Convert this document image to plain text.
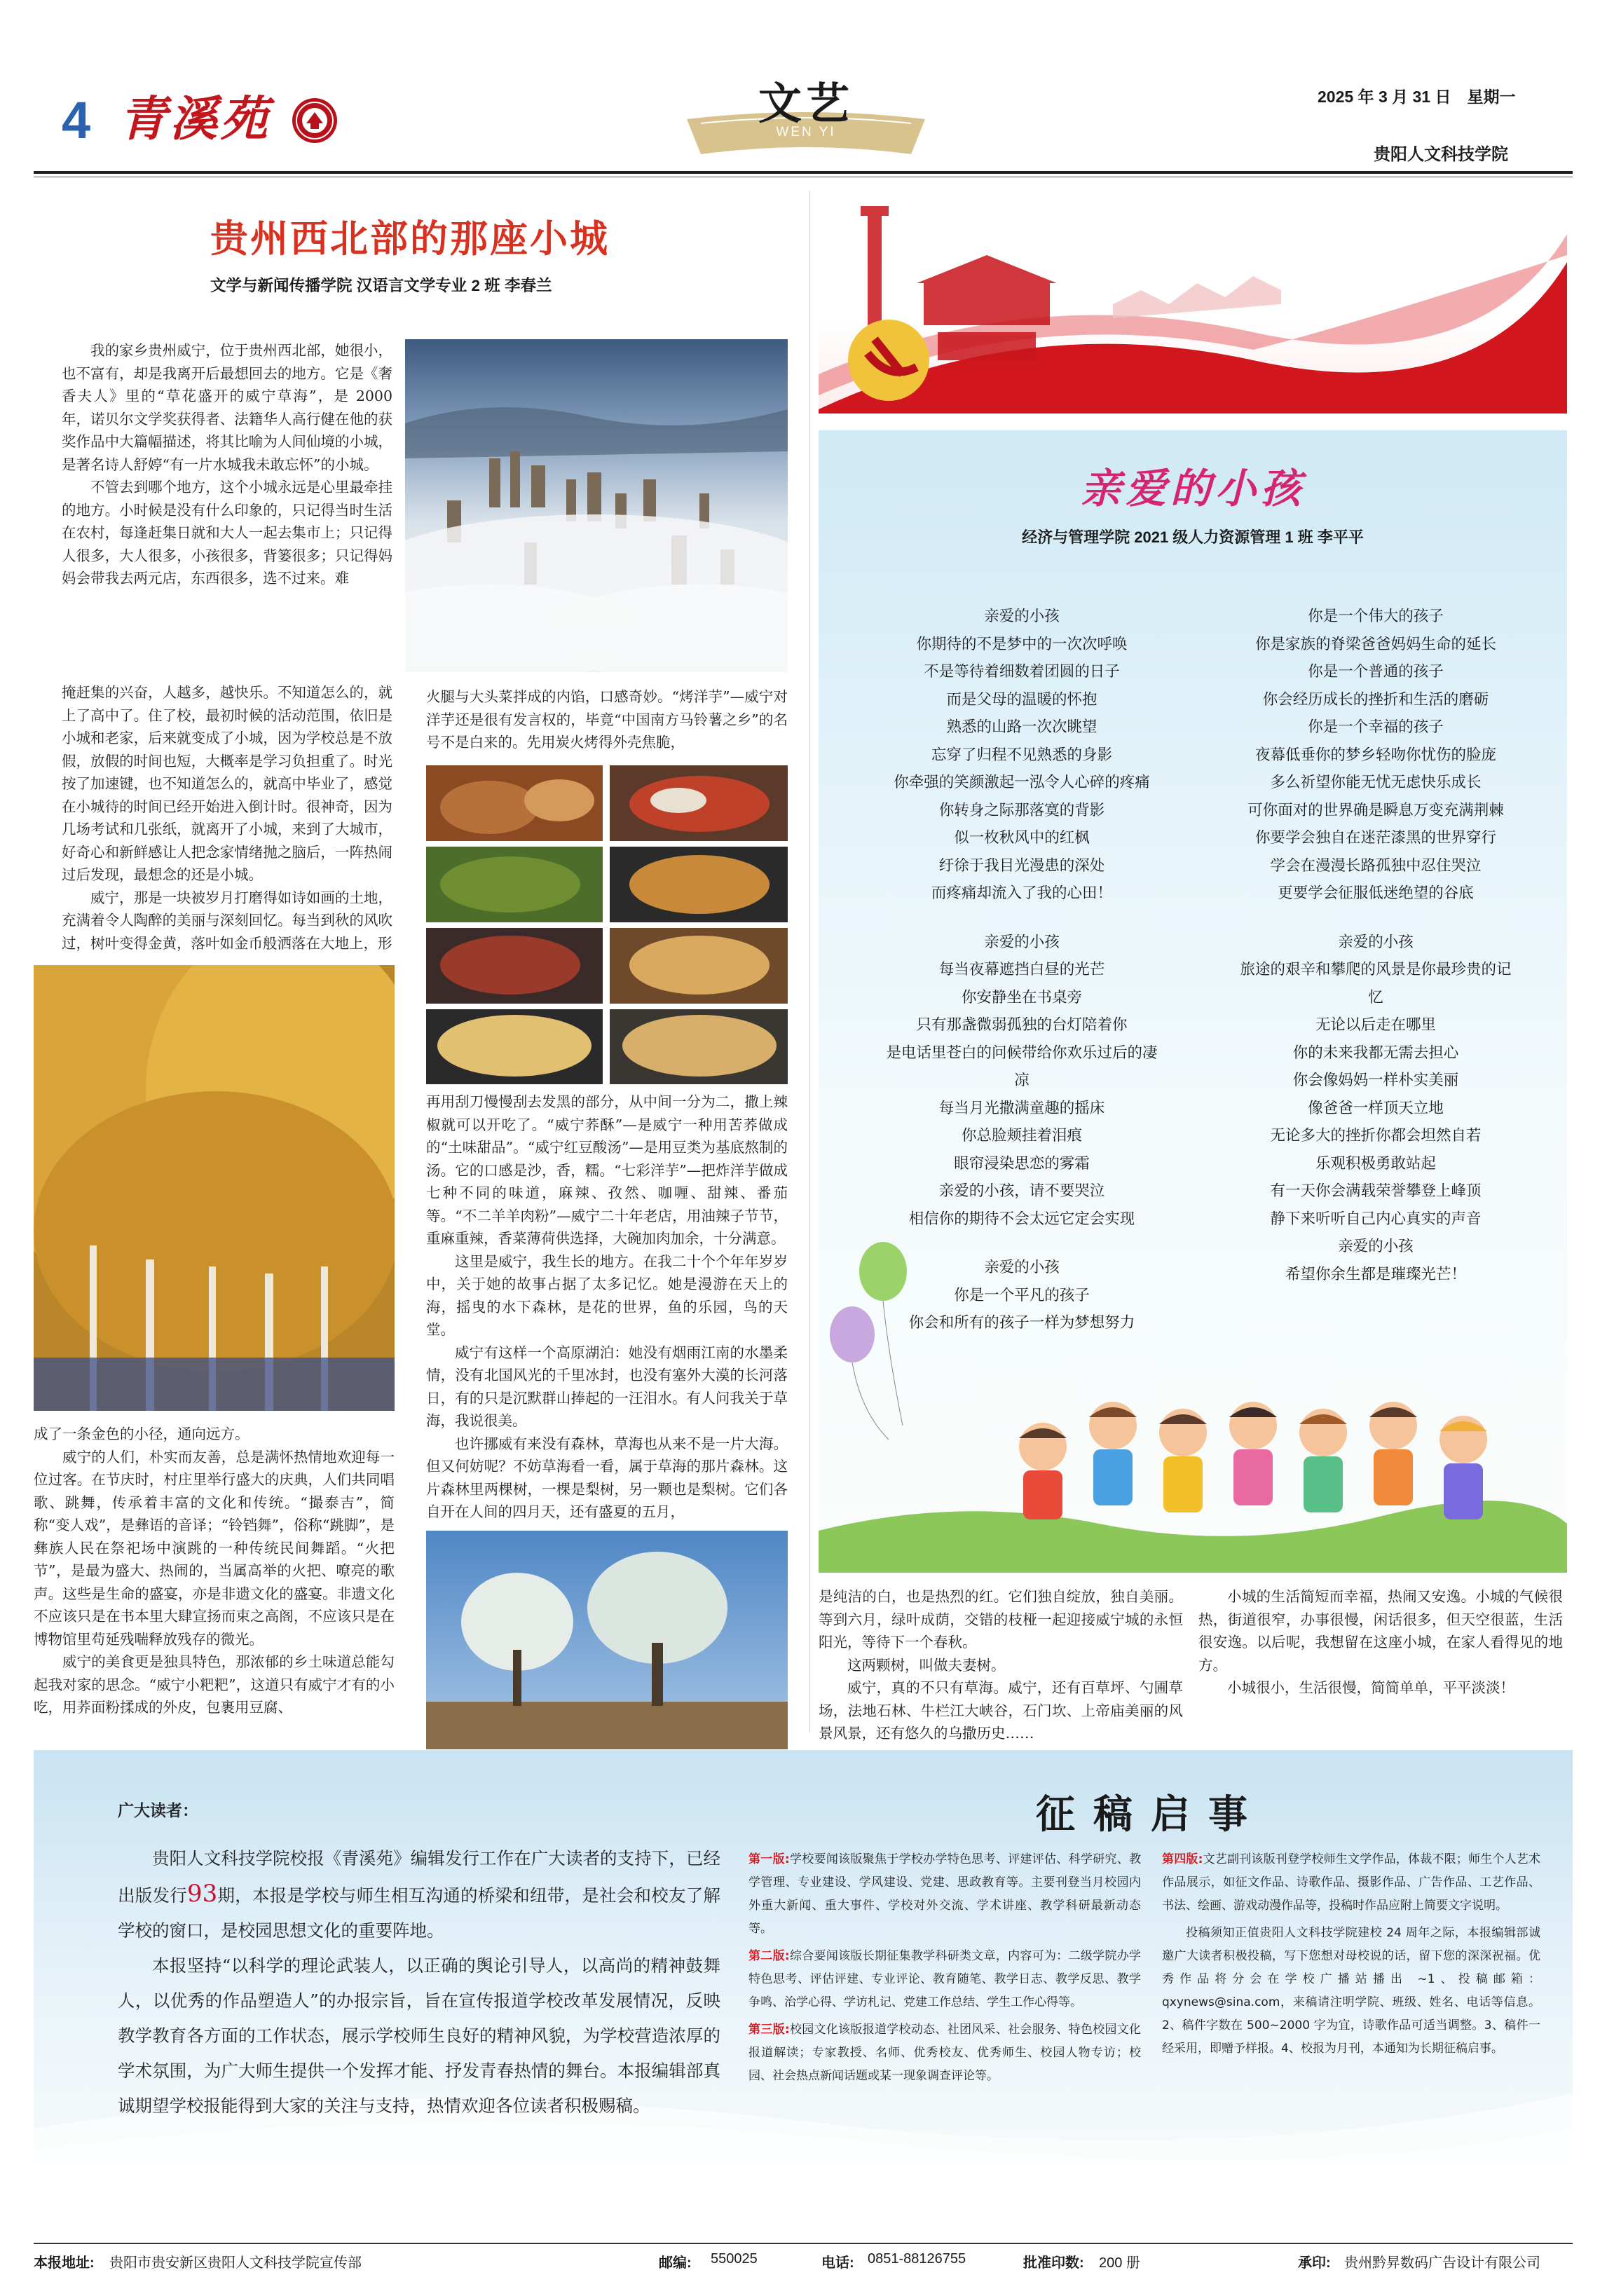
4 青溪苑	文艺
WEN YI
2025 年 3 月 31 日　星期一
贵阳人文科技学院
贵州西北部的那座小城
文学与新闻传播学院 汉语言文学专业 2 班 李春兰

我的家乡贵州威宁，位于贵州西北部，她很小，也不富有，却是我离开后最想回去的地方。它是《奢香夫人》里的“草花盛开的威宁草海”，是 2000 年，诺贝尔文学奖获得者、法籍华人高行健在他的获奖作品中大篇幅描述，将其比喻为人间仙境的小城，是著名诗人舒婷“有一片水城我未敢忘怀”的小城。

不管去到哪个地方，这个小城永远是心里最牵挂的地方。小时候是没有什么印象的，只记得当时生活在农村，每逢赶集日就和大人一起去集市上；只记得人很多，大人很多，小孩很多，背篓很多；只记得妈妈会带我去两元店，东西很多，选不过来。难

掩赶集的兴奋，人越多，越快乐。不知道怎么的，就上了高中了。住了校，最初时候的活动范围，依旧是小城和老家，后来就变成了小城，因为学校总是不放假，放假的时间也短，大概率是学习负担重了。时光按了加速键，也不知道怎么的，就高中毕业了，感觉在小城待的时间已经开始进入倒计时。很神奇，因为几场考试和几张纸，就离开了小城，来到了大城市，好奇心和新鲜感让人把念家情绪抛之脑后，一阵热闹过后发现，最想念的还是小城。

威宁，那是一块被岁月打磨得如诗如画的土地，充满着令人陶醉的美丽与深刻回忆。每当到秋的风吹过，树叶变得金黄，落叶如金币般洒落在大地上，形

成了一条金色的小径，通向远方。

威宁的人们，朴实而友善，总是满怀热情地欢迎每一位过客。在节庆时，村庄里举行盛大的庆典，人们共同唱歌、跳舞，传承着丰富的文化和传统。“撮泰吉”，简称“变人戏”，是彝语的音译；“铃铛舞”，俗称“跳脚”，是彝族人民在祭祀场中演跳的一种传统民间舞蹈。“火把节”，是最为盛大、热闹的，当属高举的火把、嘹亮的歌声。这些是生命的盛宴，亦是非遗文化的盛宴。非遗文化不应该只是在书本里大肆宣扬而束之高阁，不应该只是在博物馆里苟延残喘释放残存的微光。

威宁的美食更是独具特色，那浓郁的乡土味道总能勾起我对家的思念。“威宁小粑粑”，这道只有威宁才有的小吃，用荞面粉揉成的外皮，包裹用豆腐、

火腿与大头菜拌成的内馅，口感奇妙。“烤洋芋”—威宁对洋芋还是很有发言权的，毕竟“中国南方马铃薯之乡”的名号不是白来的。先用炭火烤得外壳焦脆，

再用刮刀慢慢刮去发黑的部分，从中间一分为二，撒上辣椒就可以开吃了。“威宁荞酥”—是威宁一种用苦荞做成的“土味甜品”。“威宁红豆酸汤”—是用豆类为基底熬制的汤。它的口感是沙，香，糯。“七彩洋芋”—把炸洋芋做成七种不同的味道，麻辣、孜然、咖喱、甜辣、番茄等。“不二羊羊肉粉”—威宁二十年老店，用油辣子节节，重麻重辣，香菜薄荷供选择，大碗加肉加余，十分满意。

这里是威宁，我生长的地方。在我二十个个年年岁岁中，关于她的故事占据了太多记忆。她是漫游在天上的海，摇曳的水下森林，是花的世界，鱼的乐园，鸟的天堂。

威宁有这样一个高原湖泊：她没有烟雨江南的水墨柔情，没有北国风光的千里冰封，也没有塞外大漠的长河落日，有的只是沉默群山捧起的一汪泪水。有人问我关于草海，我说很美。

也许挪威有来没有森林，草海也从来不是一片大海。但又何妨呢？不妨草海看一看，属于草海的那片森林。这片森林里两棵树，一棵是梨树，另一颗也是梨树。它们各自开在人间的四月天，还有盛夏的五月，

是纯洁的白，也是热烈的红。它们独自绽放，独自美丽。等到六月，绿叶成荫，交错的枝桠一起迎接威宁城的永恒阳光，等待下一个春秋。

这两颗树，叫做夫妻树。

威宁，真的不只有草海。威宁，还有百草坪、勺圃草场，法地石林、牛栏江大峡谷，石门坎、上帝庙美丽的风景风景，还有悠久的乌撒历史……

小城的生活简短而幸福，热闹又安逸。小城的气候很热，街道很窄，办事很慢，闲话很多，但天空很蓝，生活很安逸。以后呢，我想留在这座小城，在家人看得见的地方。

小城很小，生活很慢，简简单单，平平淡淡！

亲爱的小孩
经济与管理学院 2021 级人力资源管理 1 班 李平平
亲爱的小孩
你期待的不是梦中的一次次呼唤
不是等待着细数着团圆的日子
而是父母的温暖的怀抱
熟悉的山路一次次眺望
忘穿了归程不见熟悉的身影
你牵强的笑颜激起一泓令人心碎的疼痛
你转身之际那落寞的背影
似一枚秋风中的红枫
纡徐于我目光漫患的深处
而疼痛却流入了我的心田！
亲爱的小孩
每当夜幕遮挡白昼的光芒
你安静坐在书桌旁
只有那盏微弱孤独的台灯陪着你
是电话里苍白的问候带给你欢乐过后的凄
凉
每当月光撒满童趣的摇床
你总脸颊挂着泪痕
眼帘浸染思恋的雾霜
亲爱的小孩，请不要哭泣
相信你的期待不会太远它定会实现
亲爱的小孩
你是一个平凡的孩子
你会和所有的孩子一样为梦想努力
你是一个伟大的孩子
你是家族的脊梁爸爸妈妈生命的延长
你是一个普通的孩子
你会经历成长的挫折和生活的磨砺
你是一个幸福的孩子
夜幕低垂你的梦乡轻吻你忧伤的脸庞
多么祈望你能无忧无虑快乐成长
可你面对的世界确是瞬息万变充满荆棘
你要学会独自在迷茫漆黑的世界穿行
学会在漫漫长路孤独中忍住哭泣
更要学会征服低迷绝望的谷底
亲爱的小孩
旅途的艰辛和攀爬的风景是你最珍贵的记
忆
无论以后走在哪里
你的未来我都无需去担心
你会像妈妈一样朴实美丽
像爸爸一样顶天立地
无论多大的挫折你都会坦然自若
乐观积极勇敢站起
有一天你会满载荣誉攀登上峰顶
静下来听听自己内心真实的声音
亲爱的小孩
希望你余生都是璀璨光芒！
广大读者：

贵阳人文科技学院校报《青溪苑》编辑发行工作在广大读者的支持下，已经出版发行93期，本报是学校与师生相互沟通的桥梁和纽带，是社会和校友了解学校的窗口，是校园思想文化的重要阵地。

本报坚持“以科学的理论武装人，以正确的舆论引导人，以高尚的精神鼓舞人，以优秀的作品塑造人”的办报宗旨，旨在宣传报道学校改革发展情况，反映教学教育各方面的工作状态，展示学校师生良好的精神风貌，为学校营造浓厚的学术氛围，为广大师生提供一个发挥才能、抒发青春热情的舞台。本报编辑部真诚期望学校报能得到大家的关注与支持，热情欢迎各位读者积极赐稿。

征稿启事

第一版:学校要闻该版聚焦于学校办学特色思考、评建评估、科学研究、教学管理、专业建设、学风建设、党建、思政教育等。主要刊登当月校园内外重大新闻、重大事件、学校对外交流、学术讲座、教学科研最新动态等。

第二版:综合要闻该版长期征集教学科研类文章，内容可为：二级学院办学特色思考、评估评建、专业评论、教育随笔、教学日志、教学反思、教学争鸣、治学心得、学访札记、党建工作总结、学生工作心得等。

第三版:校园文化该版报道学校动态、社团风采、社会服务、特色校园文化报道解读；专家教授、名师、优秀校友、优秀师生、校园人物专访；校园、社会热点新闻话题或某一现象调查评论等。

第四版:文艺副刊该版刊登学校师生文学作品，体裁不限；师生个人艺术作品展示，如征文作品、诗歌作品、摄影作品、广告作品、工艺作品、书法、绘画、游戏动漫作品等，投稿时作品应附上简要文字说明。

投稿须知正值贵阳人文科技学院建校 24 周年之际，本报编辑部诚邀广大读者积极投稿，写下您想对母校说的话，留下您的深深祝福。优秀作品将分会在学校广播站播出 ~1、投稿邮箱：qxynews@sina.com，来稿请注明学院、班级、姓名、电话等信息。2、稿件字数在 500~2000 字为宜，诗歌作品可适当调整。3、稿件一经采用，即赠予样报。4、校报为月刊，本通知为长期征稿启事。

本报地址: 贵阳市贵安新区贵阳人文科技学院宣传部	邮编: 550025	电话: 0851-88126755	批准印数: 200 册	承印: 贵州黔昇数码广告设计有限公司
